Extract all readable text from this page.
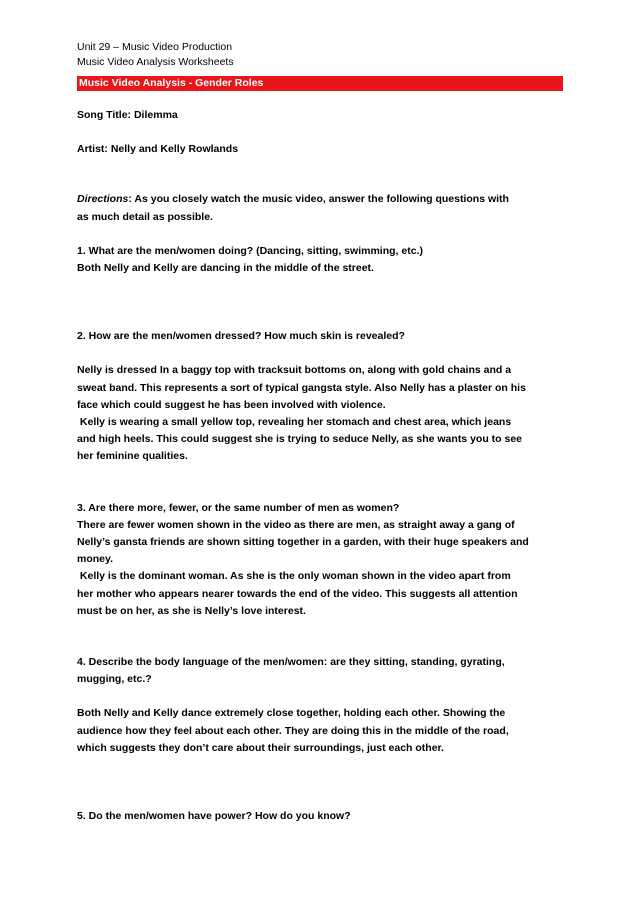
Unit 29 – Music Video Production

Music Video Analysis Worksheets

Music Video Analysis - Gender Roles

Song Title: Dilemma

Artist: Nelly and Kelly Rowlands

Directions: As you closely watch the music video, answer the following questions with
as much detail as possible.
1. What are the men/women doing? (Dancing, sitting, swimming, etc.)
Both Nelly and Kelly are dancing in the middle of the street.
2. How are the men/women dressed? How much skin is revealed?
Nelly is dressed In a baggy top with tracksuit bottoms on, along with gold chains and a
sweat band. This represents a sort of typical gangsta style. Also Nelly has a plaster on his
face which could suggest he has been involved with violence.
Kelly is wearing a small yellow top, revealing her stomach and chest area, which jeans
and high heels. This could suggest she is trying to seduce Nelly, as she wants you to see
her feminine qualities.
3. Are there more, fewer, or the same number of men as women?
There are fewer women shown in the video as there are men, as straight away a gang of
Nelly’s gansta friends are shown sitting together in a garden, with their huge speakers and
money.
Kelly is the dominant woman. As she is the only woman shown in the video apart from
her mother who appears nearer towards the end of the video. This suggests all attention
must be on her, as she is Nelly’s love interest.
4. Describe the body language of the men/women: are they sitting, standing, gyrating,
mugging, etc.?
Both Nelly and Kelly dance extremely close together, holding each other. Showing the
audience how they feel about each other. They are doing this in the middle of the road,
which suggests they don’t care about their surroundings, just each other.
5. Do the men/women have power? How do you know?
